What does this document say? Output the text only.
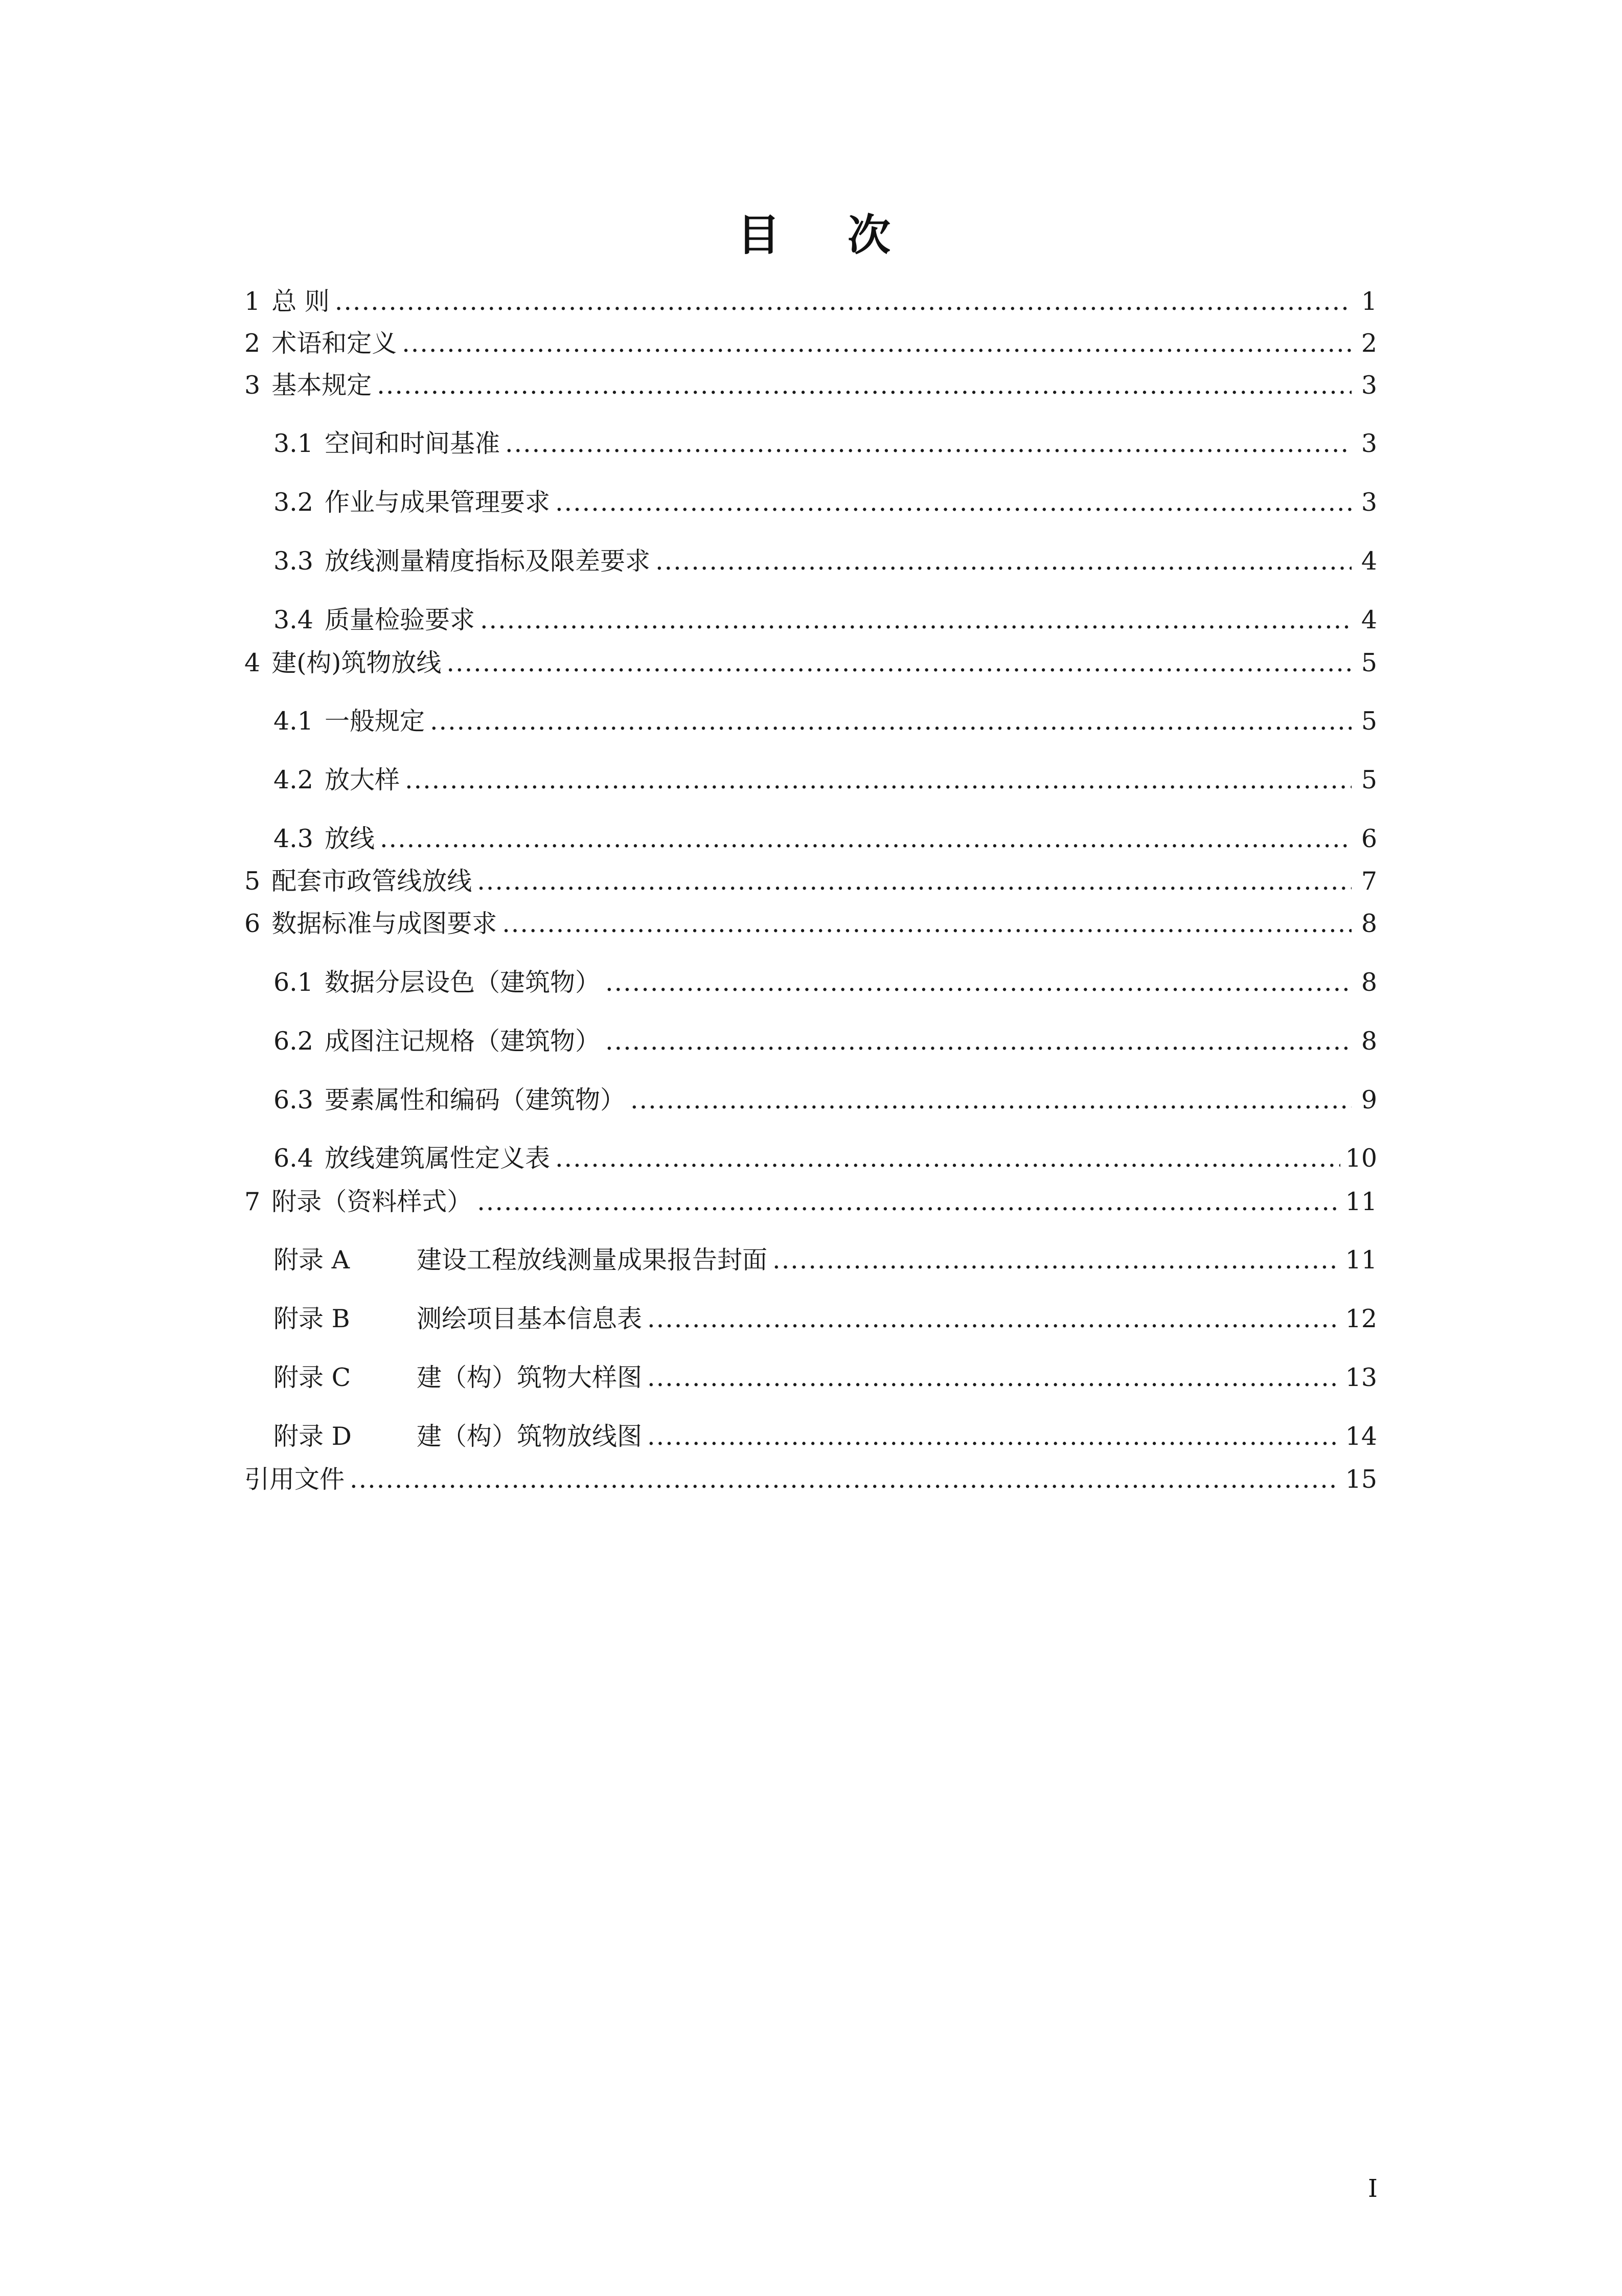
目 次
1 总 则 .....	1
2 术语和定义 .....	2
3 基本规定 .....	3
3.1 空间和时间基准 .....	3
3.2 作业与成果管理要求 .....	3
3.3 放线测量精度指标及限差要求 .....	4
3.4 质量检验要求 .....	4
4 建(构)筑物放线 .....	5
4.1 一般规定 .....	5
4.2 放大样 .....	5
4.3 放线 .....	6
5 配套市政管线放线 .....	7
6 数据标准与成图要求 .....	8
6.1 数据分层设色（建筑物） .....	8
6.2 成图注记规格（建筑物） .....	8
6.3 要素属性和编码（建筑物） .....	9
6.4 放线建筑属性定义表 .....	10
7 附录（资料样式） .....	11
附录 A	建设工程放线测量成果报告封面 .....	11
附录 B	测绘项目基本信息表 .....	12
附录 C	建（构）筑物大样图 .....	13
附录 D	建（构）筑物放线图 .....	14
引用文件 .....	15
I
